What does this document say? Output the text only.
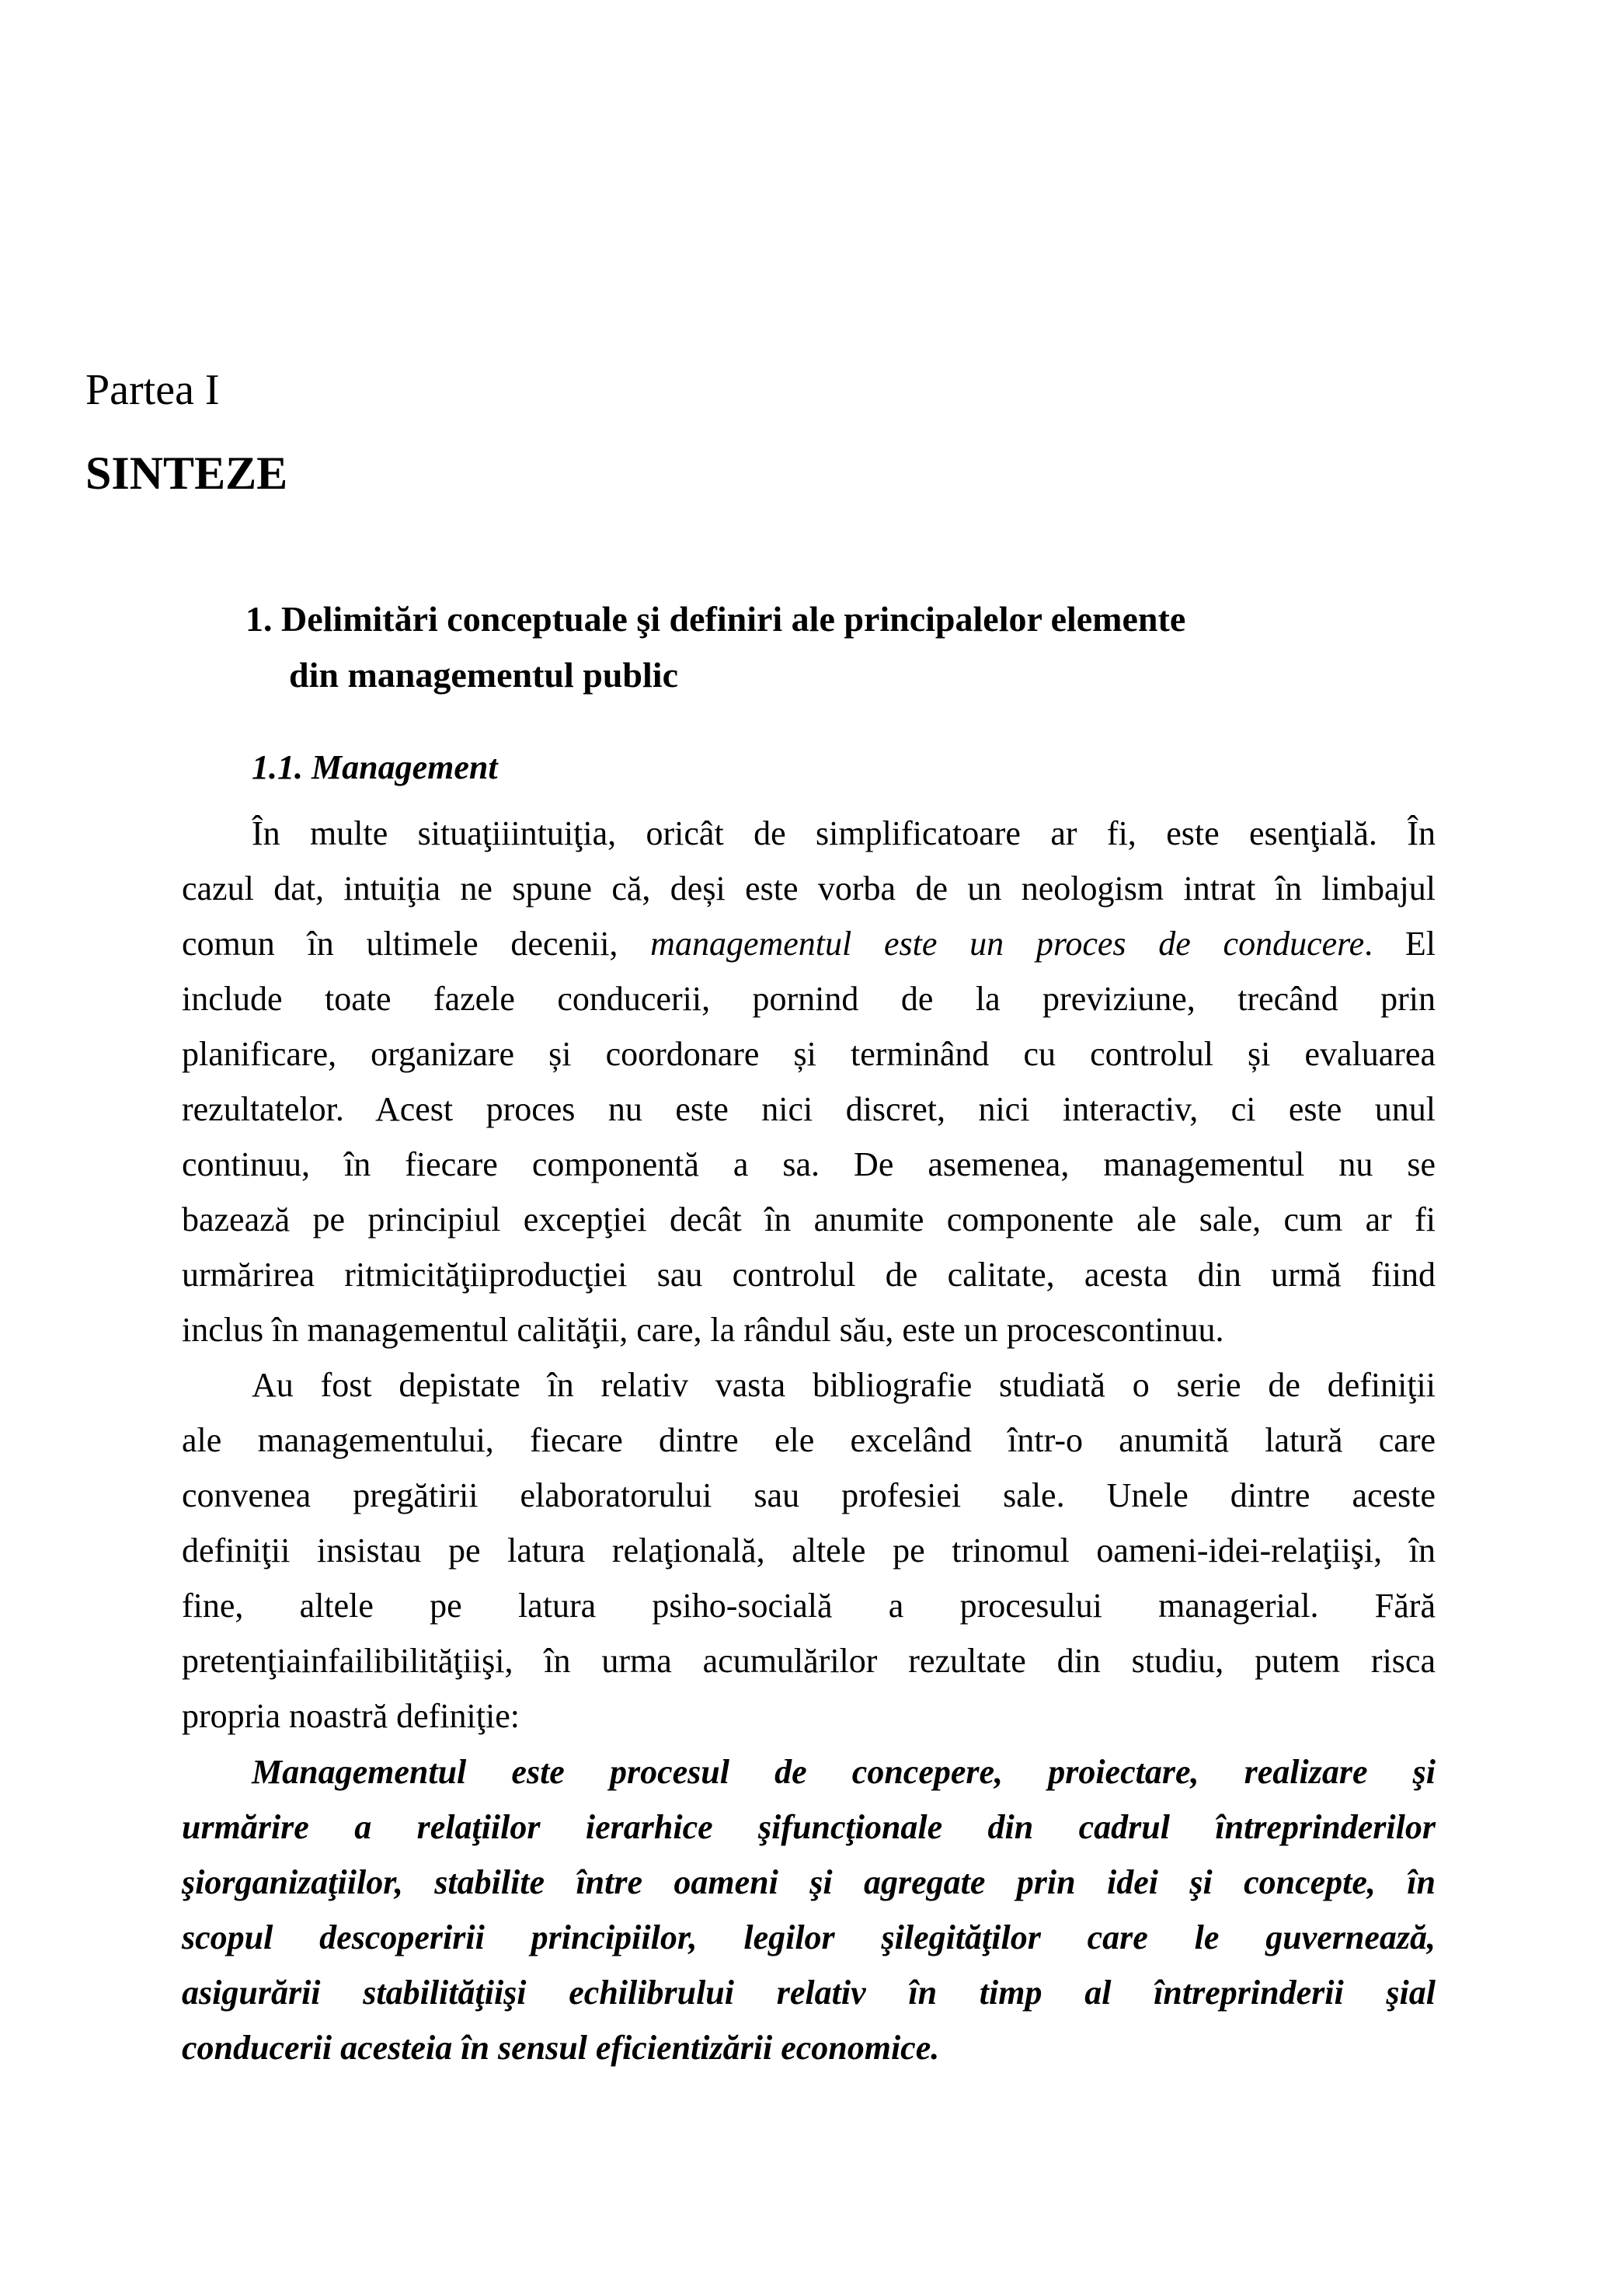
Partea I
SINTEZE
1. Delimitări conceptuale şi definiri ale principalelor elemente
din managementul public
1.1. Management
În multe situaţiiintuiţia, oricât de simplificatoare ar fi, este esenţială. În
cazul dat, intuiţia ne spune că, deși este vorba de un neologism intrat în limbajul
comun în ultimele decenii, managementul este un proces de conducere. El
include toate fazele conducerii, pornind de la previziune, trecând prin
planificare, organizare și coordonare și terminând cu controlul și evaluarea
rezultatelor. Acest proces nu este nici discret, nici interactiv, ci este unul
continuu, în fiecare componentă a sa. De asemenea, managementul nu se
bazează pe principiul excepţiei decât în anumite componente ale sale, cum ar fi
urmărirea ritmicităţiiproducţiei sau controlul de calitate, acesta din urmă fiind
inclus în managementul calităţii, care, la rândul său, este un procescontinuu.
Au fost depistate în relativ vasta bibliografie studiată o serie de definiţii
ale managementului, fiecare dintre ele excelând într-o anumită latură care
convenea pregătirii elaboratorului sau profesiei sale. Unele dintre aceste
definiţii insistau pe latura relaţională, altele pe trinomul oameni-idei-relaţiişi, în
fine, altele pe latura psiho-socială a procesului managerial. Fără
pretenţiainfailibilităţiişi, în urma acumulărilor rezultate din studiu, putem risca
propria noastră definiţie:
Managementul este procesul de concepere, proiectare, realizare şi
urmărire a relaţiilor ierarhice şifuncţionale din cadrul întreprinderilor
şiorganizaţiilor, stabilite între oameni şi agregate prin idei şi concepte, în
scopul descoperirii principiilor, legilor şilegităţilor care le guvernează,
asigurării stabilităţiişi echilibrului relativ în timp al întreprinderii şial
conducerii acesteia în sensul eficientizării economice.
